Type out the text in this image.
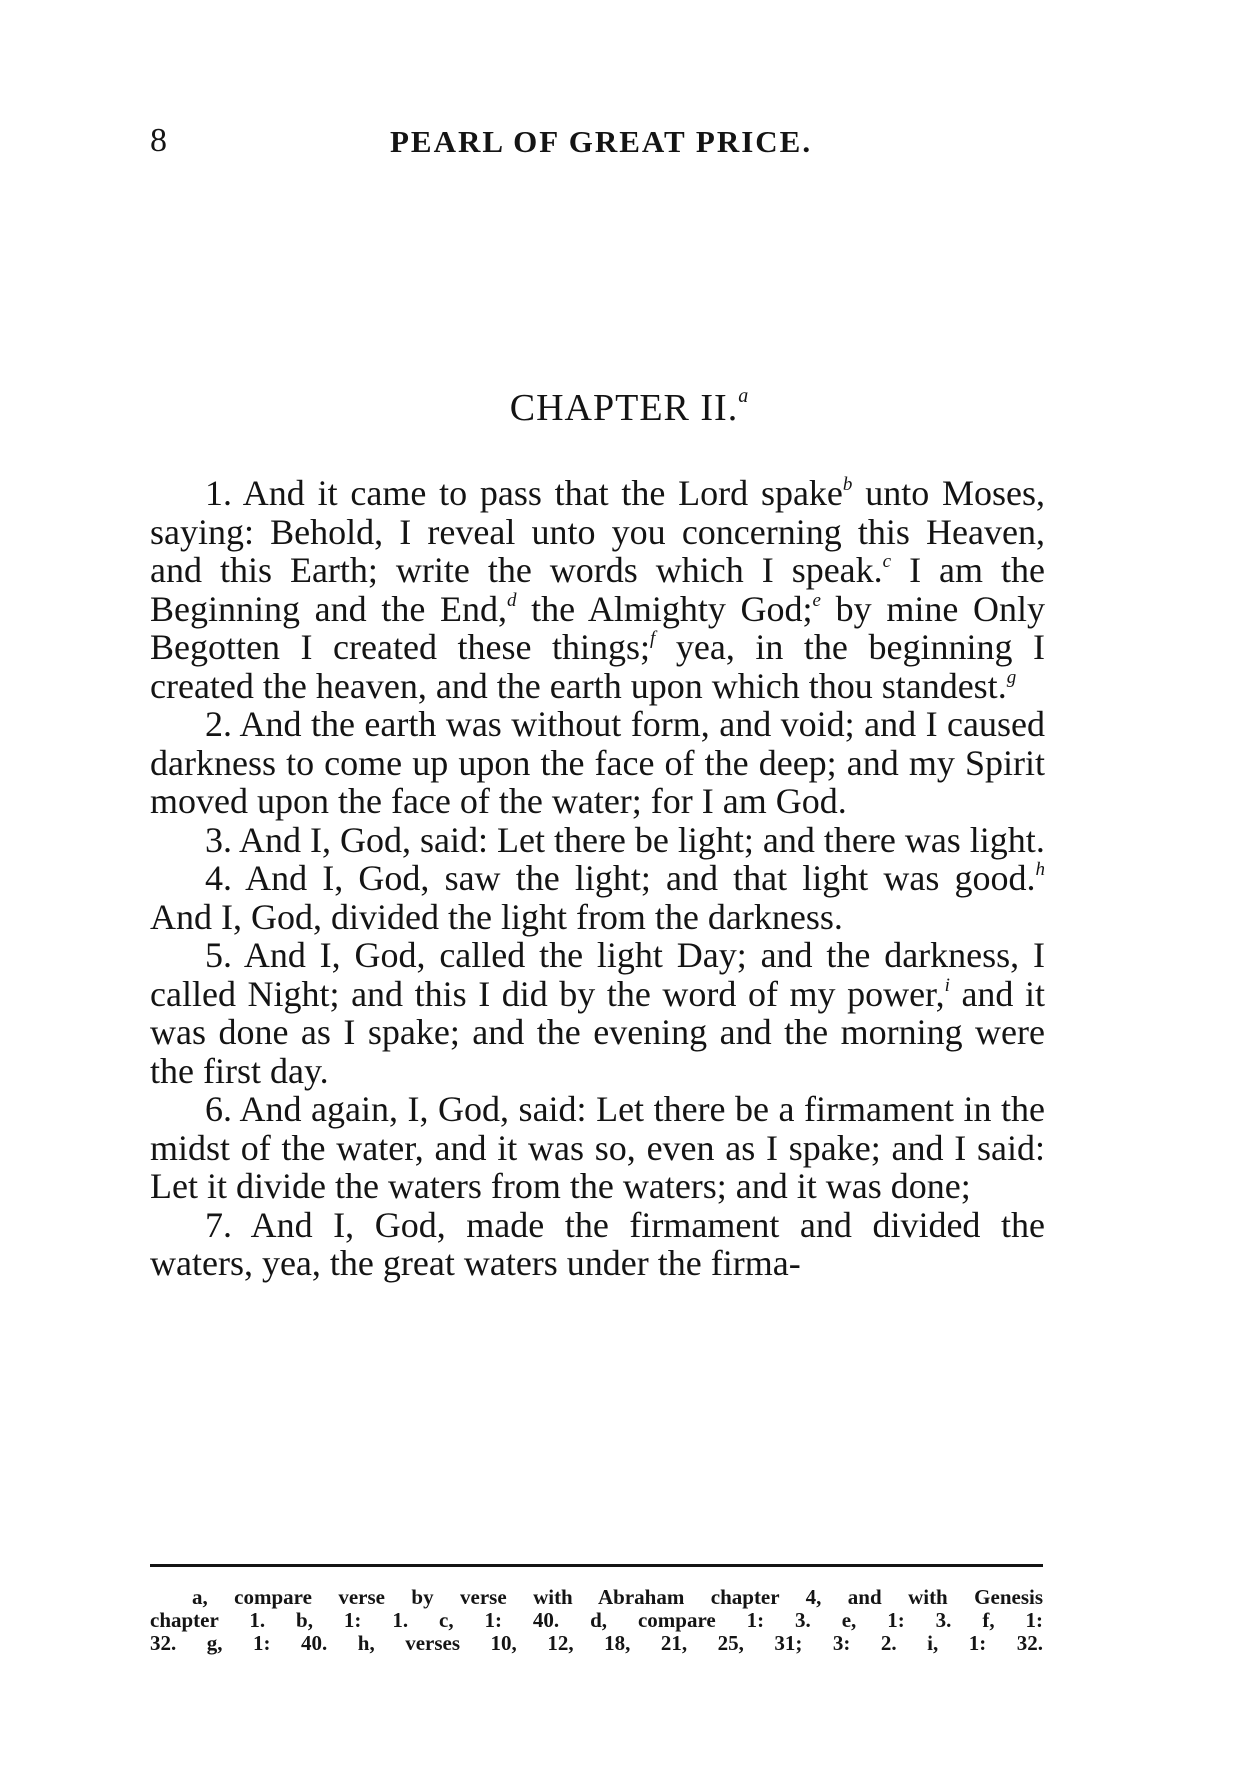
8	PEARL OF GREAT PRICE.
CHAPTER II.$^a$

1. And it came to pass that the Lord spake$^b$ unto Moses, saying: Behold, I reveal unto you concerning this Heaven, and this Earth; write the words which I speak.$^c$ I am the Beginning and the End,$^d$ the Almighty God;$^e$ by mine Only Begotten I created these things;$^f$ yea, in the beginning I created the heaven, and the earth upon which thou standest.$^g$

2. And the earth was without form, and void; and I caused darkness to come up upon the face of the deep; and my Spirit moved upon the face of the water; for I am God.

3. And I, God, said: Let there be light; and there was light.

4. And I, God, saw the light; and that light was good.$^h$ And I, God, divided the light from the darkness.

5. And I, God, called the light Day; and the darkness, I called Night; and this I did by the word of my power,$^i$ and it was done as I spake; and the evening and the morning were the first day.

6. And again, I, God, said: Let there be a firmament in the midst of the water, and it was so, even as I spake; and I said: Let it divide the waters from the waters; and it was done;

7. And I, God, made the firmament and divided the waters, yea, the great waters under the firma-

a, compare verse by verse with Abraham chapter 4, and with Genesis
chapter 1. b, 1: 1. c, 1: 40. d, compare 1: 3. e, 1: 3. f, 1:
32. g, 1: 40. h, verses 10, 12, 18, 21, 25, 31; 3: 2. i, 1: 32.
